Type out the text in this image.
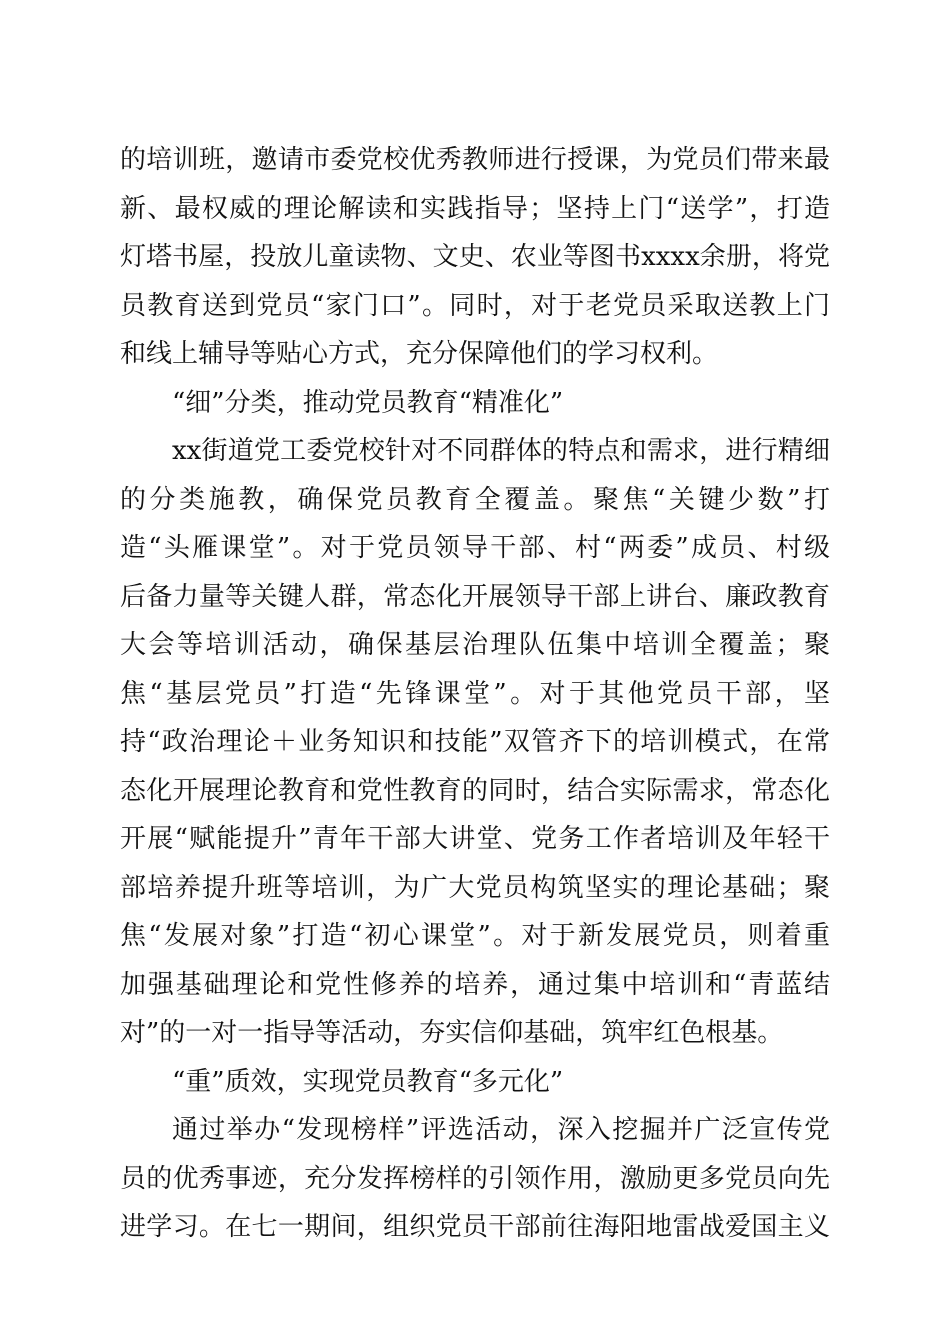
的培训班，邀请市委党校优秀教师进行授课，为党员们带来最
新、最权威的理论解读和实践指导；坚持上门“送学”，打造
灯塔书屋，投放儿童读物、文史、农业等图书xxxx余册，将党
员教育送到党员“家门口”。同时，对于老党员采取送教上门
和线上辅导等贴心方式，充分保障他们的学习权利。
“细”分类，推动党员教育“精准化”
xx街道党工委党校针对不同群体的特点和需求，进行精细
的分类施教，确保党员教育全覆盖。聚焦“关键少数”打
造“头雁课堂”。对于党员领导干部、村“两委”成员、村级
后备力量等关键人群，常态化开展领导干部上讲台、廉政教育
大会等培训活动，确保基层治理队伍集中培训全覆盖；聚
焦“基层党员”打造“先锋课堂”。对于其他党员干部，坚
持“政治理论＋业务知识和技能”双管齐下的培训模式，在常
态化开展理论教育和党性教育的同时，结合实际需求，常态化
开展“赋能提升”青年干部大讲堂、党务工作者培训及年轻干
部培养提升班等培训，为广大党员构筑坚实的理论基础；聚
焦“发展对象”打造“初心课堂”。对于新发展党员，则着重
加强基础理论和党性修养的培养，通过集中培训和“青蓝结
对”的一对一指导等活动，夯实信仰基础，筑牢红色根基。
“重”质效，实现党员教育“多元化”
通过举办“发现榜样”评选活动，深入挖掘并广泛宣传党
员的优秀事迹，充分发挥榜样的引领作用，激励更多党员向先
进学习。在七一期间，组织党员干部前往海阳地雷战爱国主义
